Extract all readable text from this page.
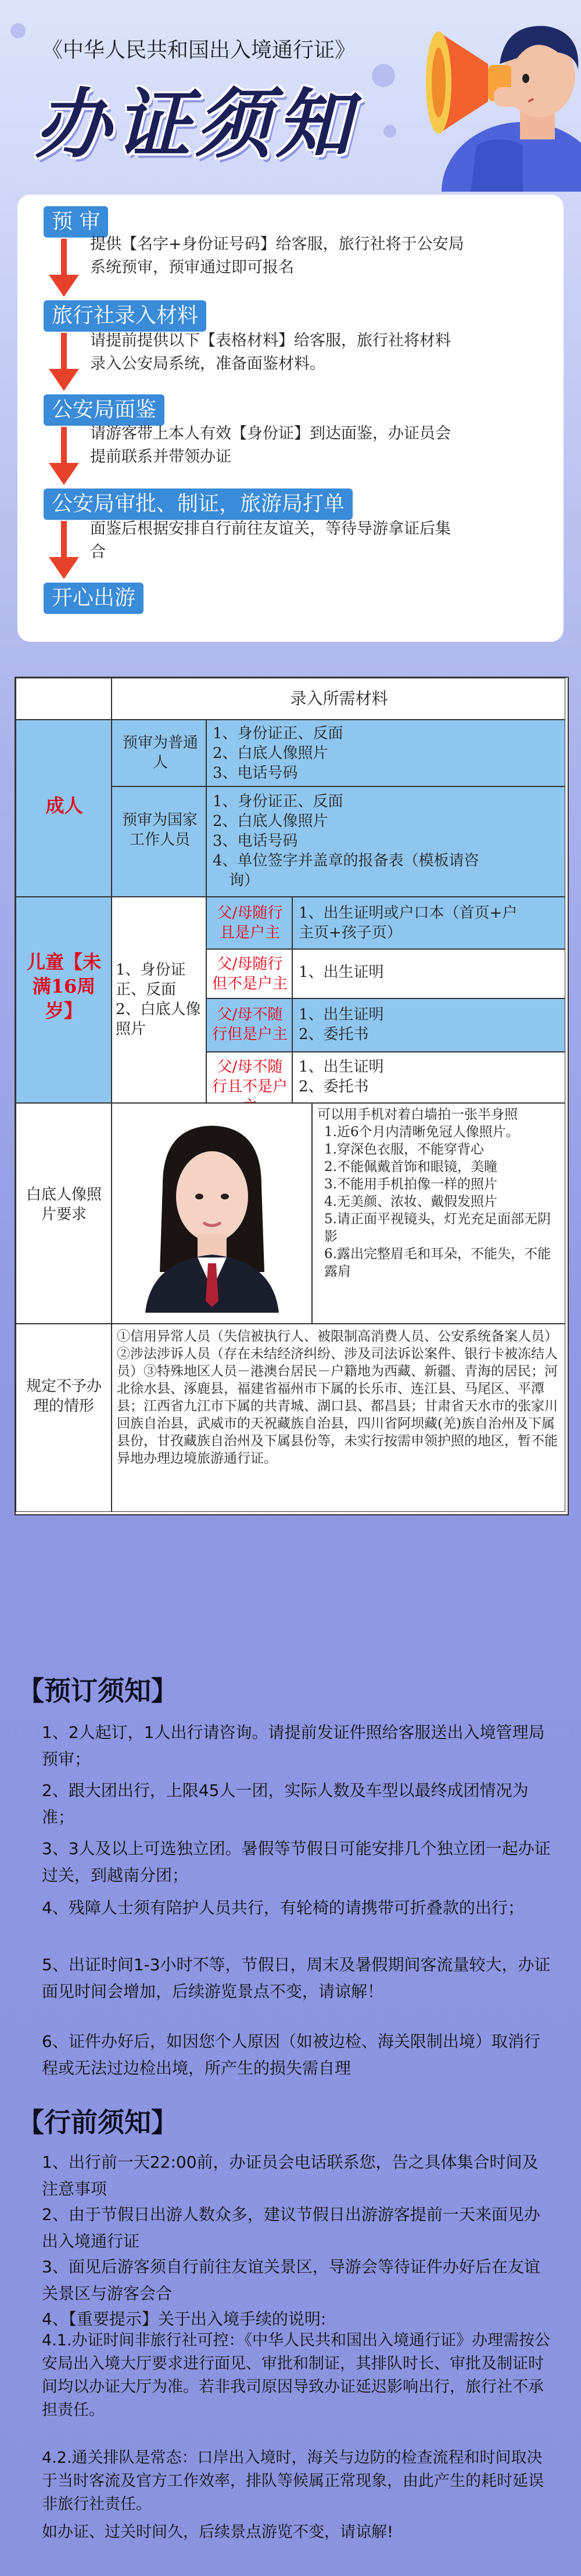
《中华人民共和国出入境通行证》
办证须知
预 审
提供【名字+身份证号码】给客服，旅行社将于公安局
系统预审，预审通过即可报名
旅行社录入材料
请提前提供以下【表格材料】给客服，旅行社将材料
录入公安局系统，准备面鉴材料。
公安局面鉴
请游客带上本人有效【身份证】到达面鉴，办证员会
提前联系并带领办证
公安局审批、制证，旅游局打单
面鉴后根据安排自行前往友谊关，等待导游拿证后集
合
开心出游
录入所需材料
成人
预审为普通人
1、身份证正、反面
2、白底人像照片
3、电话号码
预审为国家工作人员
1、身份证正、反面
2、白底人像照片
3、电话号码
4、单位签字并盖章的报备表（模板请咨
询）
儿童【未满16周岁】
1、身份证正、反面
2、白底人像照片
父/母随行且是户主
1、出生证明或户口本（首页+户
主页+孩子页）
父/母随行但不是户主
1、出生证明
父/母不随行但是户主
1、出生证明
2、委托书
父/母不随行且不是户
1、出生证明
2、委托书
白底人像照片要求
可以用手机对着白墙拍一张半身照
1.近6个月内清晰免冠人像照片。
1.穿深色衣服，不能穿背心
2.不能佩戴首饰和眼镜，美瞳
3.不能用手机拍像一样的照片
4.无美颜、浓妆、戴假发照片
5.请正面平视镜头，灯光充足面部无阴影
6.露出完整眉毛和耳朵，不能失，不能露肩
规定不予办理的情形
①信用异常人员（失信被执行人、被限制高消费人员、公安系统备案人员）②涉法涉诉人员（存在未结经济纠纷、涉及司法诉讼案件、银行卡被冻结人员）③特殊地区人员－港澳台居民－户籍地为西藏、新疆、青海的居民；河北徐水县、涿鹿县，福建省福州市下属的长乐市、连江县、马尾区、平潭县；江西省九江市下属的共青城、湖口县、都昌县；甘肃省天水市的张家川回族自治县，武威市的天祝藏族自治县，四川省阿坝藏(羌)族自治州及下属县份，甘孜藏族自治州及下属县份等，未实行按需申领护照的地区，暂不能异地办理边境旅游通行证。
【预订须知】
1、2人起订，1人出行请咨询。请提前发证件照给客服送出入境管理局预审；
2、跟大团出行，上限45人一团，实际人数及车型以最终成团情况为准；
3、3人及以上可选独立团。暑假等节假日可能安排几个独立团一起办证过关，到越南分团；
4、残障人士须有陪护人员共行，有轮椅的请携带可折叠款的出行；
5、出证时间1-3小时不等，节假日，周末及暑假期间客流量较大，办证面见时间会增加，后续游览景点不变，请谅解！
6、证件办好后，如因您个人原因（如被边检、海关限制出境）取消行程或无法过边检出境，所产生的损失需自理
【行前须知】
1、出行前一天22:00前，办证员会电话联系您，告之具体集合时间及注意事项
2、由于节假日出游人数众多，建议节假日出游游客提前一天来面见办出入境通行证
3、面见后游客须自行前往友谊关景区，导游会等待证件办好后在友谊关景区与游客会合
4、【重要提示】关于出入境手续的说明:
4.1.办证时间非旅行社可控：《中华人民共和国出入境通行证》办理需按公安局出入境大厅要求进行面见、审批和制证，其排队时长、审批及制证时间均以办证大厅为准。若非我司原因导致办证延迟影响出行，旅行社不承担责任。
4.2.通关排队是常态：口岸出入境时，海关与边防的检查流程和时间取决于当时客流及官方工作效率，排队等候属正常现象，由此产生的耗时延误非旅行社责任。
如办证、过关时间久，后续景点游览不变，请谅解!
